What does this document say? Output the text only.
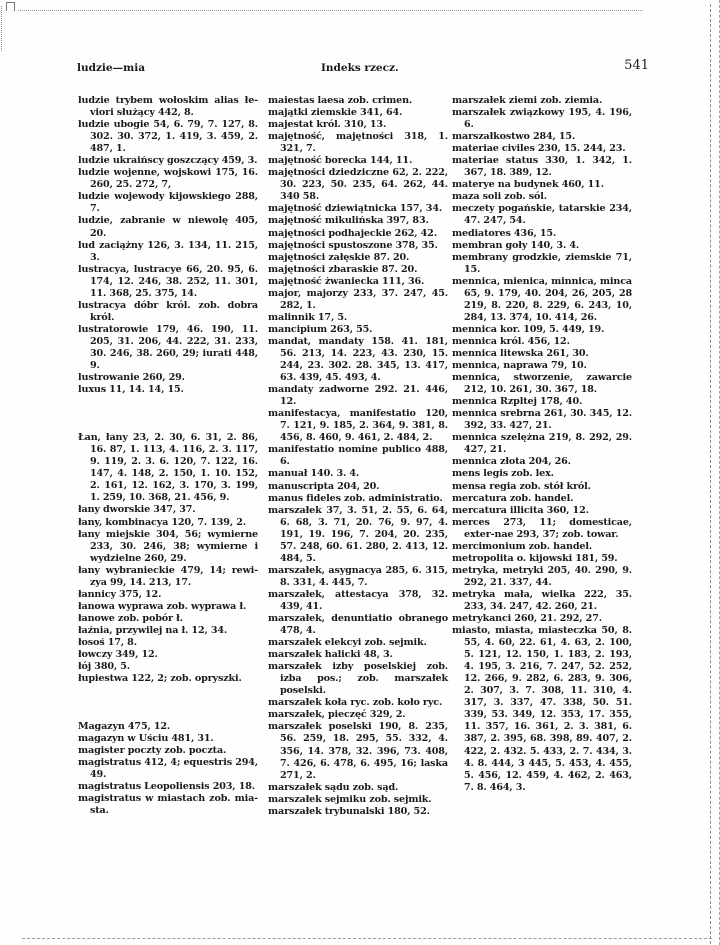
ludzie—mia	Indeks rzecz.	541

ludzie trybem wołoskim alias łe-viori służący 442, 8.

ludzie ubogie 54, 6. 79, 7. 127, 8. 302. 30. 372, 1. 419, 3. 459, 2. 487, 1.

ludzie ukraińscy goszczący 459, 3.

ludzie wojenne, wojskowi 175, 16. 260, 25. 272, 7,

ludzie wojewody kijowskiego 288, 7.

ludzie, zabranie w niewolę 405, 20.

lud zaciążny 126, 3. 134, 11. 215, 3.

lustracya, lustracye 66, 20. 95, 6. 174, 12. 246, 38. 252, 11. 301, 11. 368, 25. 375, 14.

lustracya dóbr król. zob. dobra król.

lustratorowie 179, 46. 190, 11. 205, 31. 206, 44. 222, 31. 233, 30. 246, 38. 260, 29; iurati 448, 9.

lustrowanie 260, 29.

luxus 11, 14. 14, 15.

Łan, łany 23, 2. 30, 6. 31, 2. 86, 16. 87, 1. 113, 4. 116, 2. 3. 117, 9. 119, 2. 3. 6. 120, 7. 122, 16. 147, 4. 148, 2. 150, 1. 10. 152, 2. 161, 12. 162, 3. 170, 3. 199, 1. 259, 10. 368, 21. 456, 9.

łany dworskie 347, 37.

łany, kombinacya 120, 7. 139, 2.

łany miejskie 304, 56; wymierne 233, 30. 246, 38; wymierne i wydzielne 260, 29.

łany wybranieckie 479, 14; rewi-zya 99, 14. 213, 17.

łannicy 375, 12.

łanowa wyprawa zob. wyprawa ł.

łanowe zob. pobór ł.

łaźnia, przywilej na ł. 12, 34.

łosoś 17, 8.

łowczy 349, 12.

łój 380, 5.

łupiestwa 122, 2; zob. opryszki.

Magazyn 475, 12.

magazyn w Uściu 481, 31.

magister poczty zob. poczta.

magistratus 412, 4; equestris 294, 49.

magistratus Leopoliensis 203, 18.

magistratus w miastach zob. mia-sta.

maiestas laesa zob. crimen.

majątki ziemskie 341, 64.

majestat król. 310, 13.

majętność, majętności 318, 1. 321, 7.

majętność borecka 144, 11.

majętności dziedziczne 62, 2. 222, 30. 223, 50. 235, 64. 262, 44. 340 58.

majętność dziewiątnicka 157, 34.

majętność mikulińska 397, 83.

majętności podhajeckie 262, 42.

majętności spustoszone 378, 35.

majętności załęskie 87. 20.

majętności zbaraskie 87. 20.

majętność żwaniecka 111, 36.

major, majorzy 233, 37. 247, 45. 282, 1.

malinnik 17, 5.

mancipium 263, 55.

mandat, mandaty 158. 41. 181, 56. 213, 14. 223, 43. 230, 15. 244, 23. 302. 28. 345, 13. 417, 63. 439, 45. 493, 4.

mandaty zadworne 292. 21. 446, 12.

manifestacya, manifestatio 120, 7. 121, 9. 185, 2. 364, 9. 381, 8. 456, 8. 460, 9. 461, 2. 484, 2.

manifestatio nomine publico 488, 6.

manuał 140. 3. 4.

manuscripta 204, 20.

manus fideles zob. administratio.

marszałek 37, 3. 51, 2. 55, 6. 64, 6. 68, 3. 71, 20. 76, 9. 97, 4. 191, 19. 196, 7. 204, 20. 235, 57. 248, 60. 61. 280, 2. 413, 12. 484, 5.

marszałek, asygnacya 285, 6. 315, 8. 331, 4. 445, 7.

marszałek, attestacya 378, 32. 439, 41.

marszałek, denuntiatio obranego 478, 4.

marszałek elekcyi zob. sejmik.

marszałek halicki 48, 3.

marszałek izby poselskiej zob. izba pos.; zob. marszałek poselski.

marszałek koła ryc. zob. koło ryc.

marszałek, pieczęć 329, 2.

marszałek poselski 190, 8. 235, 56. 259, 18. 295, 55. 332, 4. 356, 14. 378, 32. 396, 73. 408, 7. 426, 6. 478, 6. 495, 16; laska 271, 2.

marszałek sądu zob. sąd.

marszałek sejmiku zob. sejmik.

marszałek trybunalski 180, 52.

marszałek ziemi zob. ziemia.

marszałek związkowy 195, 4. 196, 6.

marszałkostwo 284, 15.

materiae civiles 230, 15. 244, 23.

materiae status 330, 1. 342, 1. 367, 18. 389, 12.

materye na budynek 460, 11.

maza soli zob. sól.

meczety pogańskie, tatarskie 234, 47. 247, 54.

mediatores 436, 15.

membran goły 140, 3. 4.

membrany grodzkie, ziemskie 71, 15.

mennica, mienica, minnica, minca 65, 9. 179, 40. 204, 26, 205, 28 219, 8. 220, 8. 229, 6. 243, 10, 284, 13. 374, 10. 414, 26.

mennica kor. 109, 5. 449, 19.

mennica król. 456, 12.

mennica litewska 261, 30.

mennica, naprawa 79, 10.

mennica, stworzenie, zawarcie 212, 10. 261, 30. 367, 18.

mennica Rzpltej 178, 40.

mennica srebrna 261, 30. 345, 12. 392, 33. 427, 21.

mennica szelężna 219, 8. 292, 29. 427, 21.

mennica złota 204, 26.

mens legis zob. lex.

mensa regia zob. stół król.

mercatura zob. handel.

mercatura illicita 360, 12.

merces 273, 11; domesticae, exter-nae 293, 37; zob. towar.

mercimonium zob. handel.

metropolita o. kijowski 181, 59.

metryka, metryki 205, 40. 290, 9. 292, 21. 337, 44.

metryka mała, wielka 222, 35. 233, 34. 247, 42. 260, 21.

metrykanci 260, 21. 292, 27.

miasto, miasta, miasteczka 50, 8. 55, 4. 60, 22. 61, 4. 63, 2. 100, 5. 121, 12. 150, 1. 183, 2. 193, 4. 195, 3. 216, 7. 247, 52. 252, 12. 266, 9. 282, 6. 283, 9. 306, 2. 307, 3. 7. 308, 11. 310, 4. 317, 3. 337, 47. 338, 50. 51. 339, 53. 349, 12. 353, 17. 355, 11. 357, 16. 361, 2. 3. 381, 6. 387, 2. 395, 68. 398, 89. 407, 2. 422, 2. 432. 5. 433, 2. 7. 434, 3. 4. 8. 444, 3 445, 5. 453, 4. 455, 5. 456, 12. 459, 4. 462, 2. 463, 7. 8. 464, 3.
